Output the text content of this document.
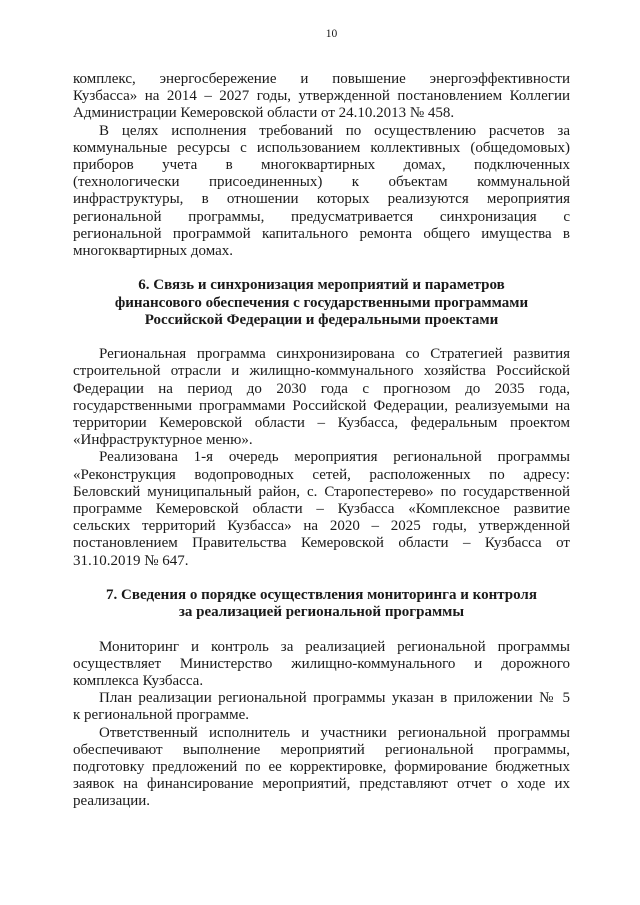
10

комплекс, энергосбережение и повышение энергоэффективности
Кузбасса» на 2014 – 2027 годы, утвержденной постановлением Коллегии
Администрации Кемеровской области от 24.10.2013 № 458.

В целях исполнения требований по осуществлению расчетов за
коммунальные ресурсы с использованием коллективных (общедомовых)
приборов учета в многоквартирных домах, подключенных
(технологически присоединенных) к объектам коммунальной
инфраструктуры, в отношении которых реализуются мероприятия
региональной программы, предусматривается синхронизация с
региональной программой капитального ремонта общего имущества в
многоквартирных домах.

6. Связь и синхронизация мероприятий и параметров
финансового обеспечения с государственными программами
Российской Федерации и федеральными проектами

Региональная программа синхронизирована со Стратегией развития
строительной отрасли и жилищно-коммунального хозяйства Российской
Федерации на период до 2030 года с прогнозом до 2035 года,
государственными программами Российской Федерации, реализуемыми на
территории Кемеровской области – Кузбасса, федеральным проектом
«Инфраструктурное меню».

Реализована 1-я очередь мероприятия региональной программы
«Реконструкция водопроводных сетей, расположенных по адресу:
Беловский муниципальный район, с. Старопестерево» по государственной
программе Кемеровской области – Кузбасса «Комплексное развитие
сельских территорий Кузбасса» на 2020 – 2025 годы, утвержденной
постановлением Правительства Кемеровской области – Кузбасса от
31.10.2019 № 647.

7. Сведения о порядке осуществления мониторинга и контроля
за реализацией региональной программы

Мониторинг и контроль за реализацией региональной программы
осуществляет Министерство жилищно-коммунального и дорожного
комплекса Кузбасса.

План реализации региональной программы указан в приложении № 5
к региональной программе.

Ответственный исполнитель и участники региональной программы
обеспечивают выполнение мероприятий региональной программы,
подготовку предложений по ее корректировке, формирование бюджетных
заявок на финансирование мероприятий, представляют отчет о ходе их
реализации.
